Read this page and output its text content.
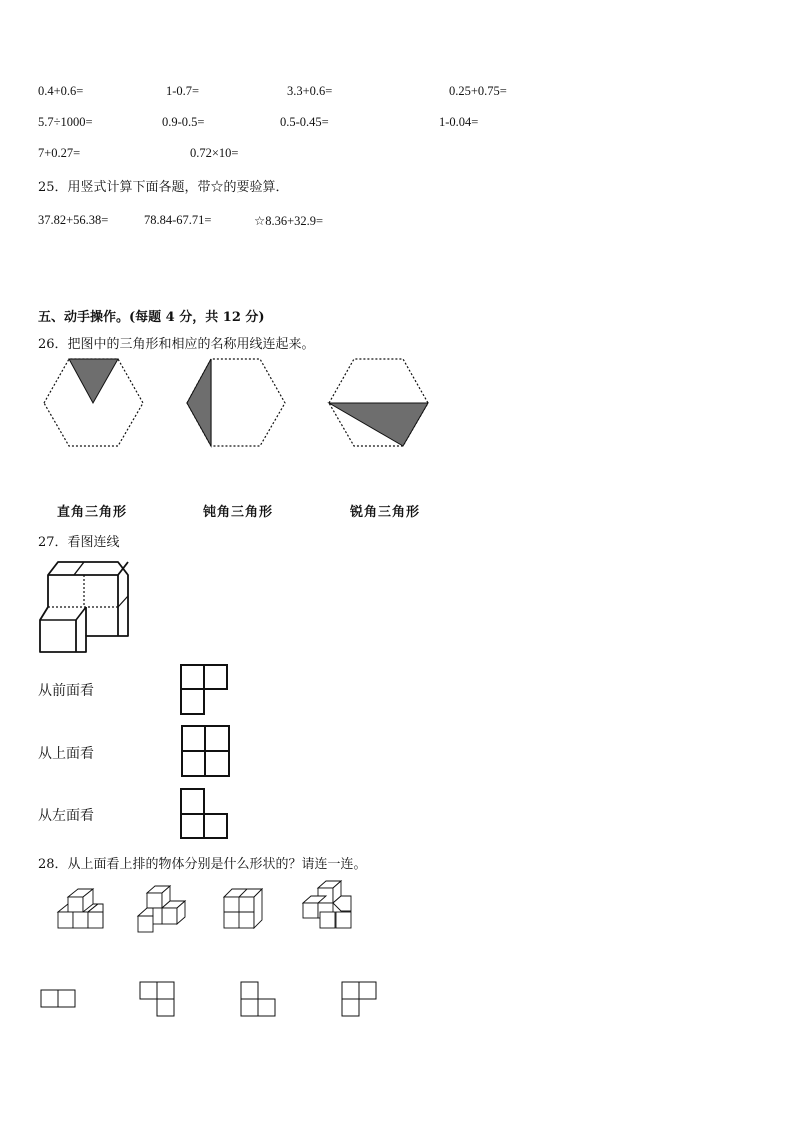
0.4+0.6=	1-0.7=	3.3+0.6=	0.25+0.75=
5.7÷1000=	0.9-0.5=	0.5-0.45=	1-0.04=
7+0.27=	0.72×10=
25．用竖式计算下面各题，带☆的要验算．
37.82+56.38=	78.84-67.71=	☆8.36+32.9=
五、动手操作。(每题 4 分，共 12 分)
26．把图中的三角形和相应的名称用线连起来。
直角三角形	钝角三角形	锐角三角形
27．看图连线
从前面看
从上面看
从左面看
28．从上面看上排的物体分别是什么形状的？请连一连。
